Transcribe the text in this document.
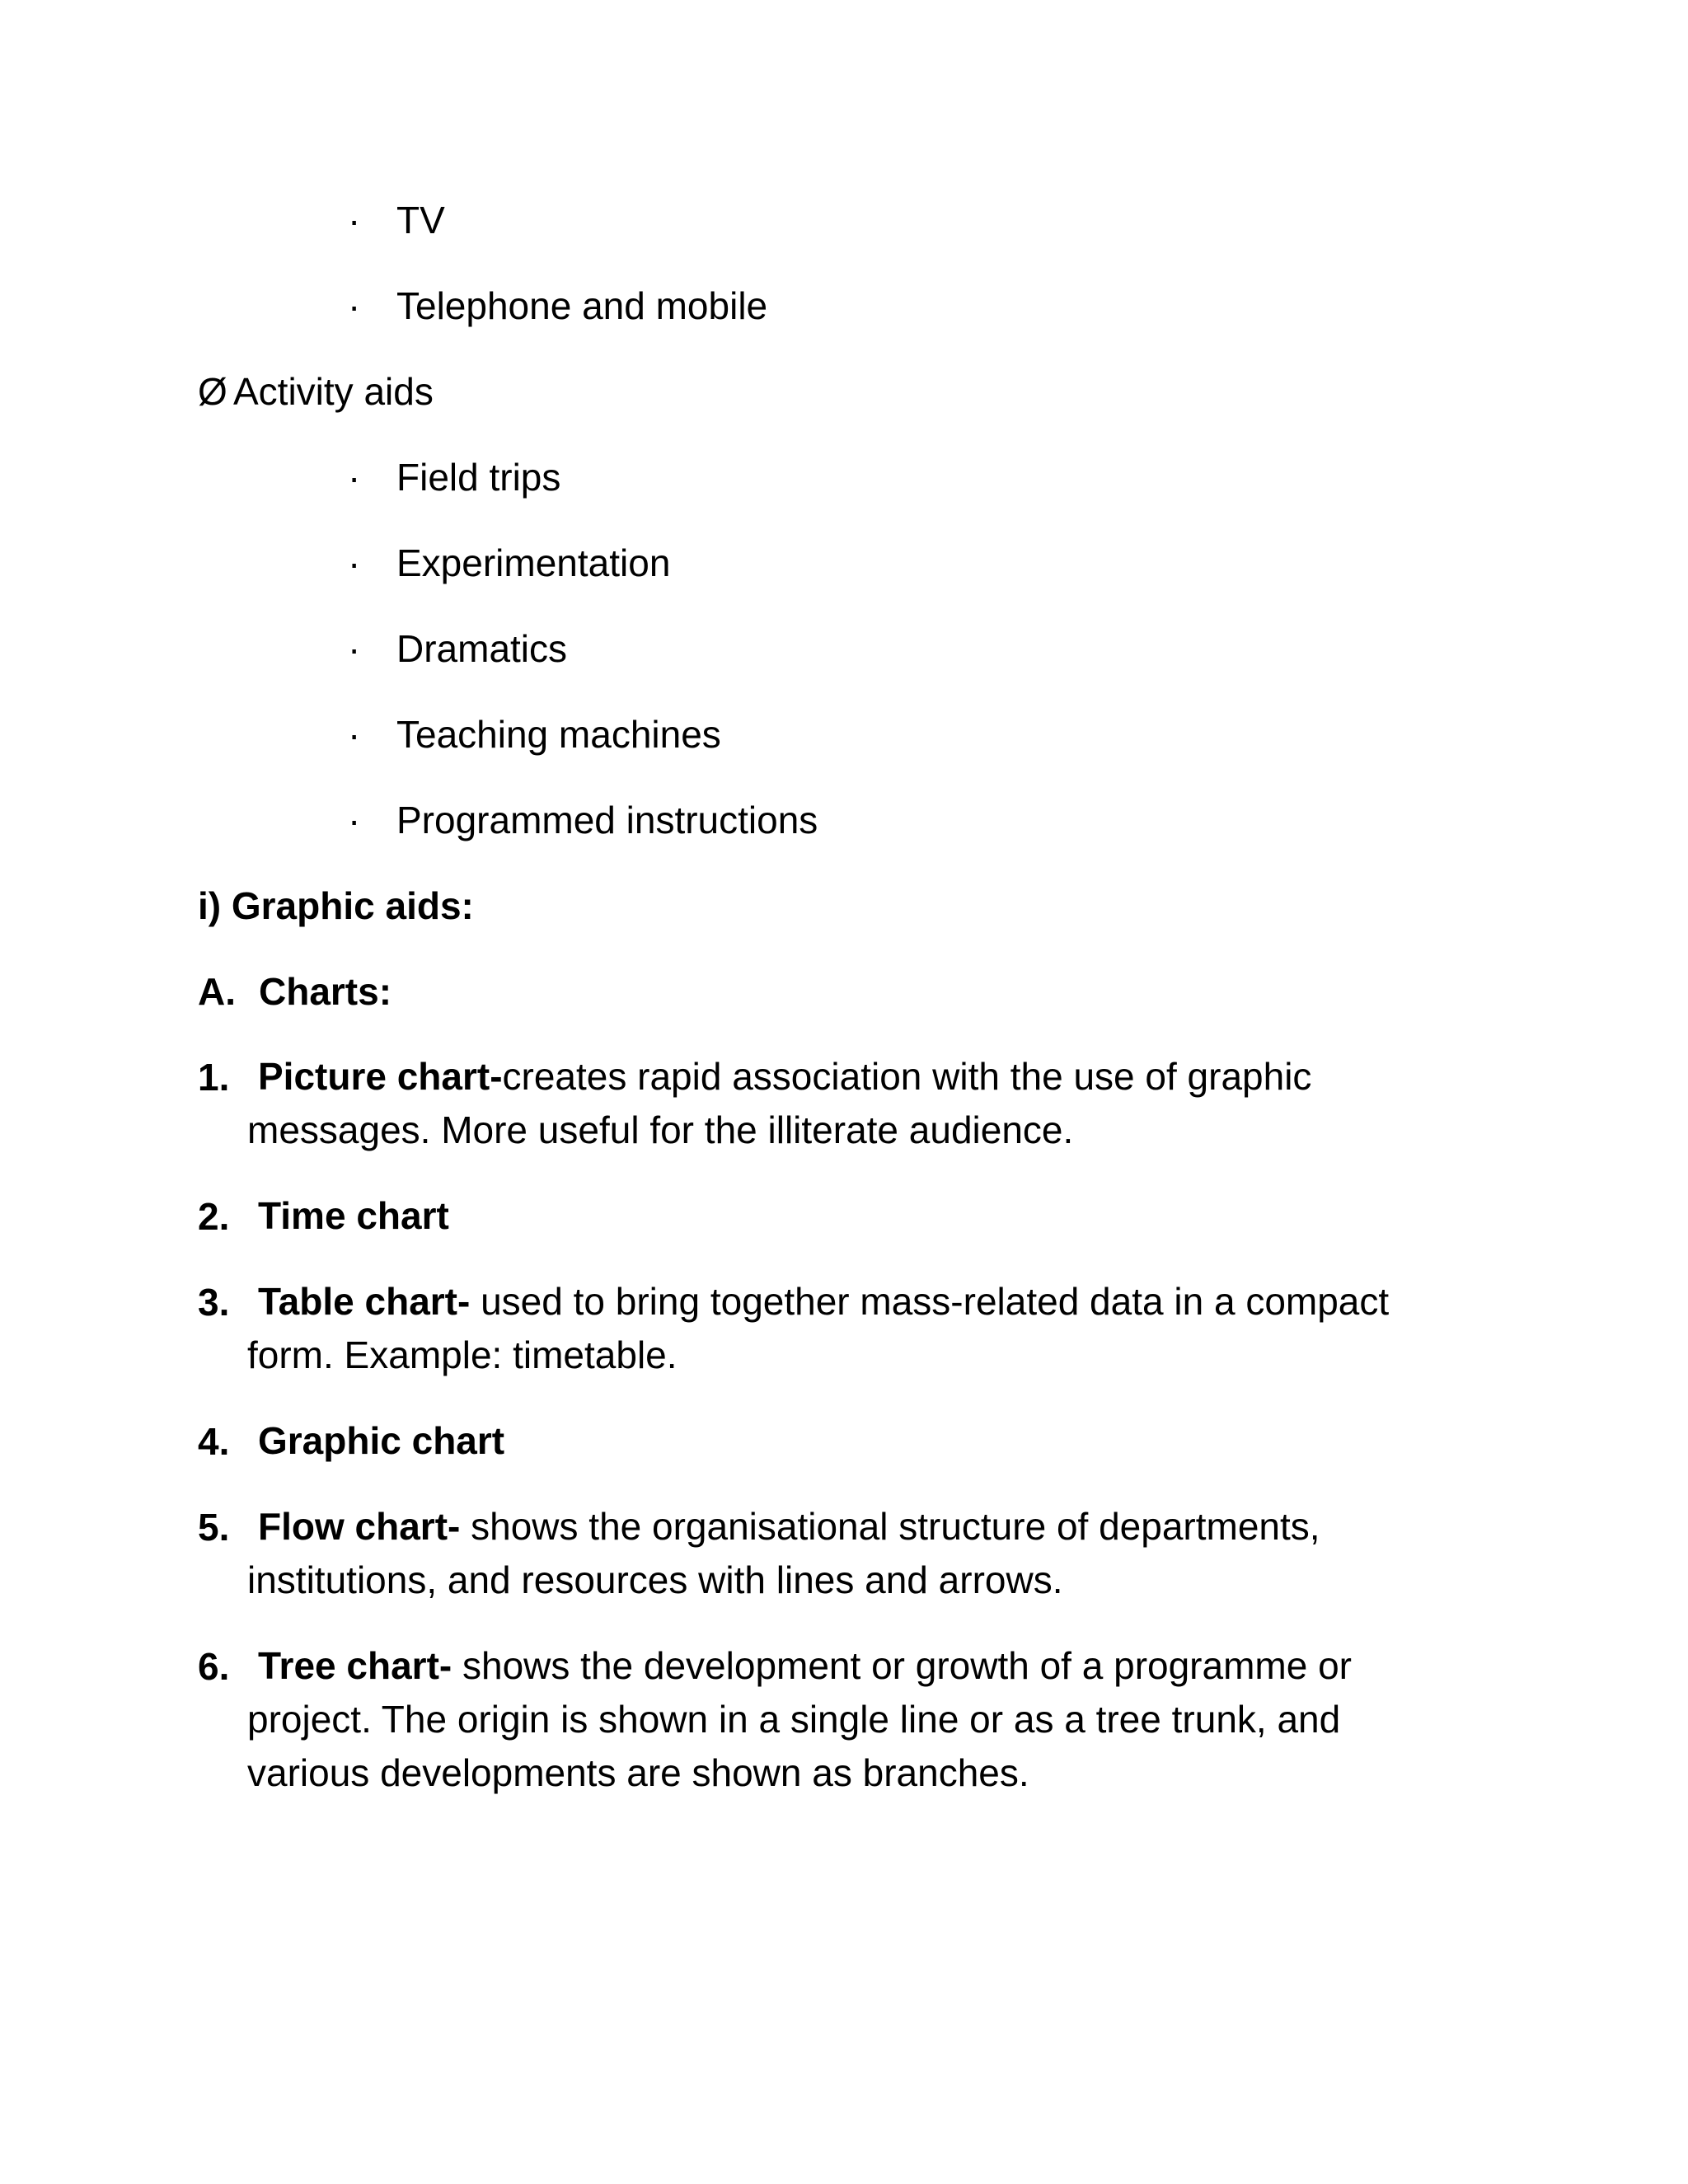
· TV
· Telephone and mobile
Ø Activity aids
· Field trips
· Experimentation
· Dramatics
· Teaching machines
· Programmed instructions
i) Graphic aids:
A. Charts:
1. Picture chart-creates rapid association with the use of graphic messages. More useful for the illiterate audience.
2. Time chart
3. Table chart- used to bring together mass-related data in a compact form. Example: timetable.
4. Graphic chart
5. Flow chart- shows the organisational structure of departments, institutions, and resources with lines and arrows.
6. Tree chart- shows the development or growth of a programme or project. The origin is shown in a single line or as a tree trunk, and various developments are shown as branches.
